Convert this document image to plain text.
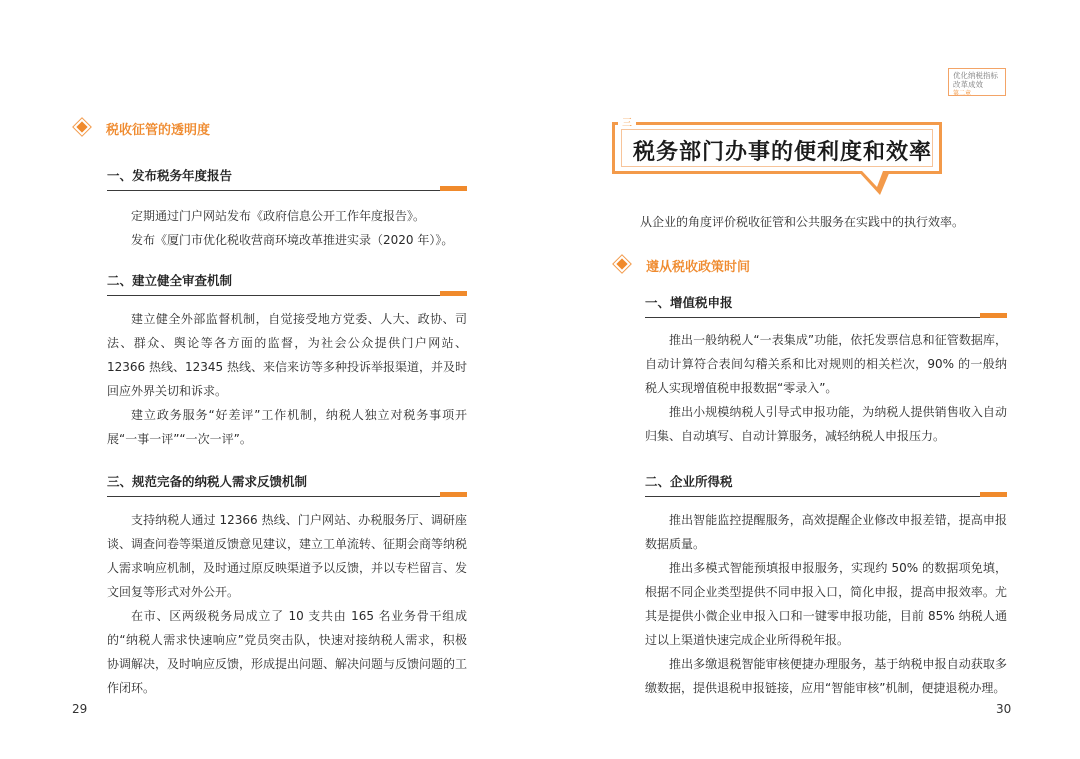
税收征管的透明度
一、发布税务年度报告

定期通过门户网站发布《政府信息公开工作年度报告》。

发布《厦门市优化税收营商环境改革推进实录（2020 年）》。

二、建立健全审查机制

建立健全外部监督机制，自觉接受地方党委、人大、政协、司法、群众、舆论等各方面的监督，为社会公众提供门户网站、12366 热线、12345 热线、来信来访等多种投诉举报渠道，并及时回应外界关切和诉求。

建立政务服务“好差评”工作机制，纳税人独立对税务事项开展“一事一评”“一次一评”。

三、规范完备的纳税人需求反馈机制

支持纳税人通过 12366 热线、门户网站、办税服务厅、调研座谈、调查问卷等渠道反馈意见建议，建立工单流转、征期会商等纳税人需求响应机制，及时通过原反映渠道予以反馈，并以专栏留言、发文回复等形式对外公开。

在市、区两级税务局成立了 10 支共由 165 名业务骨干组成的“纳税人需求快速响应”党员突击队，快速对接纳税人需求，积极协调解决，及时响应反馈，形成提出问题、解决问题与反馈问题的工作闭环。

29
优化纳税指标
改革成效
第二章
税务部门办事的便利度和效率
三

从企业的角度评价税收征管和公共服务在实践中的执行效率。

遵从税收政策时间
一、增值税申报

推出一般纳税人“一表集成”功能，依托发票信息和征管数据库，自动计算符合表间勾稽关系和比对规则的相关栏次，90% 的一般纳税人实现增值税申报数据“零录入”。

推出小规模纳税人引导式申报功能，为纳税人提供销售收入自动归集、自动填写、自动计算服务，减轻纳税人申报压力。

二、企业所得税

推出智能监控提醒服务，高效提醒企业修改申报差错，提高申报数据质量。

推出多模式智能预填报申报服务，实现约 50% 的数据项免填，根据不同企业类型提供不同申报入口，简化申报，提高申报效率。尤其是提供小微企业申报入口和一键零申报功能，目前 85% 纳税人通过以上渠道快速完成企业所得税年报。

推出多缴退税智能审核便捷办理服务，基于纳税申报自动获取多缴数据，提供退税申报链接，应用“智能审核”机制，便捷退税办理。

30
